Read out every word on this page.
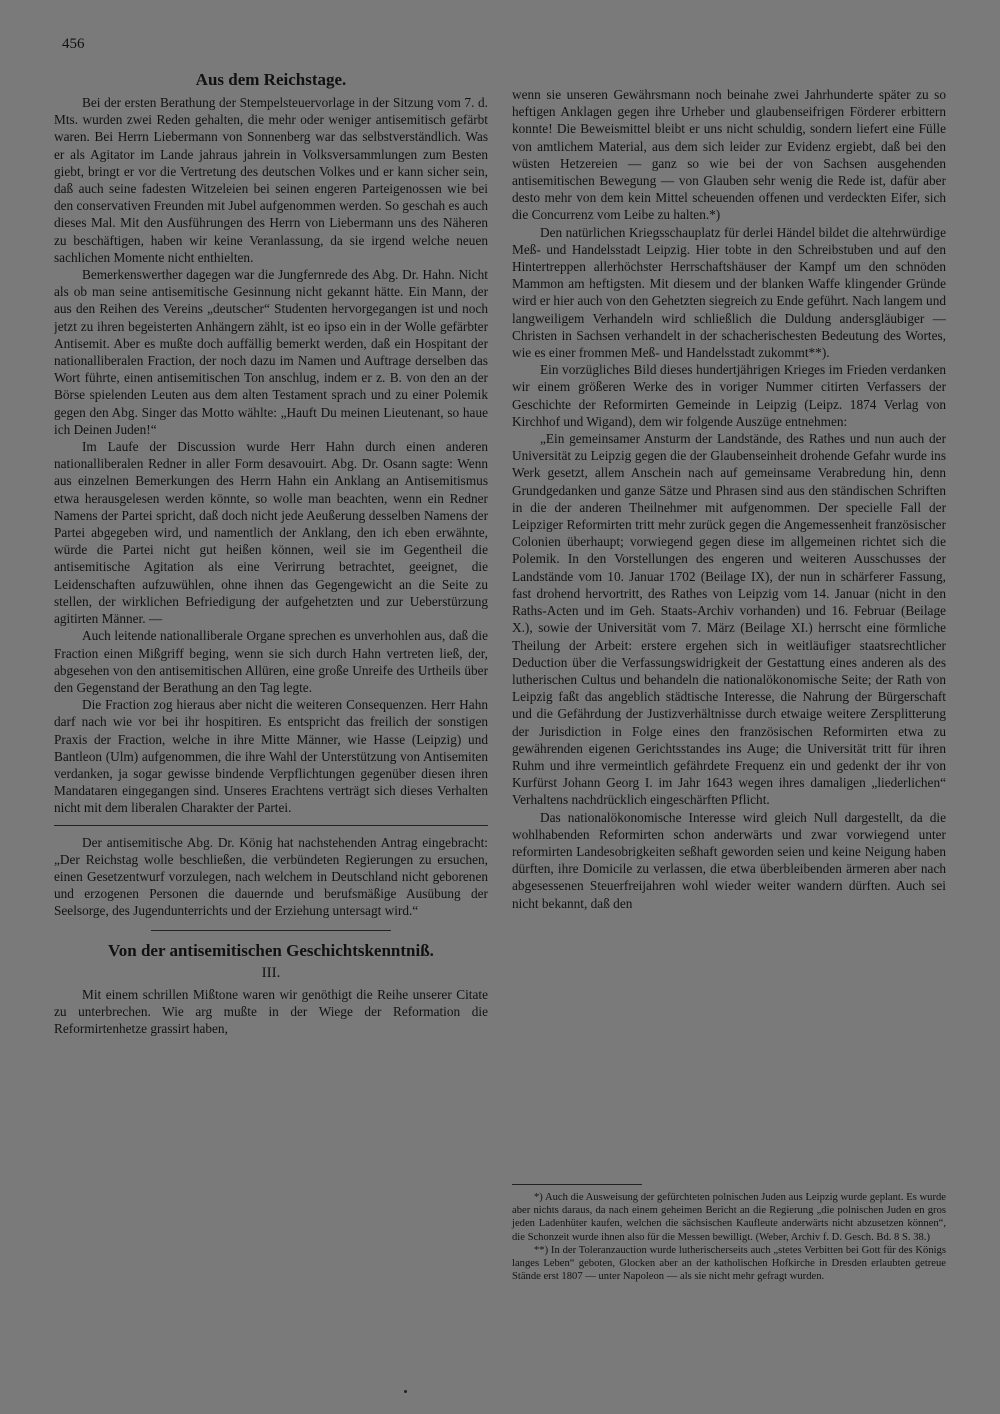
456
Aus dem Reichstage.

Bei der ersten Berathung der Stempelsteuervorlage in der Sitzung vom 7. d. Mts. wurden zwei Reden gehalten, die mehr oder weniger antisemitisch gefärbt waren. Bei Herrn Liebermann von Sonnenberg war das selbstverständlich. Was er als Agitator im Lande jahraus jahrein in Volksversammlungen zum Besten giebt, bringt er vor die Vertretung des deutschen Volkes und er kann sicher sein, daß auch seine fadesten Witzeleien bei seinen engeren Parteigenossen wie bei den conservativen Freunden mit Jubel aufgenommen werden. So geschah es auch dieses Mal. Mit den Ausführungen des Herrn von Liebermann uns des Näheren zu beschäftigen, haben wir keine Veranlassung, da sie irgend welche neuen sachlichen Momente nicht enthielten.

Bemerkenswerther dagegen war die Jungfernrede des Abg. Dr. Hahn. Nicht als ob man seine antisemitische Gesinnung nicht gekannt hätte. Ein Mann, der aus den Reihen des Vereins „deutscher“ Studenten hervorgegangen ist und noch jetzt zu ihren begeisterten Anhängern zählt, ist eo ipso ein in der Wolle gefärbter Antisemit. Aber es mußte doch auffällig bemerkt werden, daß ein Hospitant der nationalliberalen Fraction, der noch dazu im Namen und Auftrage derselben das Wort führte, einen antisemitischen Ton anschlug, indem er z. B. von den an der Börse spielenden Leuten aus dem alten Testament sprach und zu einer Polemik gegen den Abg. Singer das Motto wählte: „Hauft Du meinen Lieutenant, so haue ich Deinen Juden!“

Im Laufe der Discussion wurde Herr Hahn durch einen anderen nationalliberalen Redner in aller Form desavouirt. Abg. Dr. Osann sagte: Wenn aus einzelnen Bemerkungen des Herrn Hahn ein Anklang an Antisemitismus etwa herausgelesen werden könnte, so wolle man beachten, wenn ein Redner Namens der Partei spricht, daß doch nicht jede Aeußerung desselben Namens der Partei abgegeben wird, und namentlich der Anklang, den ich eben erwähnte, würde die Partei nicht gut heißen können, weil sie im Gegentheil die antisemitische Agitation als eine Verirrung betrachtet, geeignet, die Leidenschaften aufzuwühlen, ohne ihnen das Gegengewicht an die Seite zu stellen, der wirklichen Befriedigung der aufgehetzten und zur Ueberstürzung agitirten Männer. —

Auch leitende nationalliberale Organe sprechen es unverhohlen aus, daß die Fraction einen Mißgriff beging, wenn sie sich durch Hahn vertreten ließ, der, abgesehen von den antisemitischen Allüren, eine große Unreife des Urtheils über den Gegenstand der Berathung an den Tag legte.

Die Fraction zog hieraus aber nicht die weiteren Consequenzen. Herr Hahn darf nach wie vor bei ihr hospitiren. Es entspricht das freilich der sonstigen Praxis der Fraction, welche in ihre Mitte Männer, wie Hasse (Leipzig) und Bantleon (Ulm) aufgenommen, die ihre Wahl der Unterstützung von Antisemiten verdanken, ja sogar gewisse bindende Verpflichtungen gegenüber diesen ihren Mandataren eingegangen sind. Unseres Erachtens verträgt sich dieses Verhalten nicht mit dem liberalen Charakter der Partei.

Der antisemitische Abg. Dr. König hat nachstehenden Antrag eingebracht: „Der Reichstag wolle beschließen, die verbündeten Regierungen zu ersuchen, einen Gesetzentwurf vorzulegen, nach welchem in Deutschland nicht geborenen und erzogenen Personen die dauernde und berufsmäßige Ausübung der Seelsorge, des Jugendunterrichts und der Erziehung untersagt wird.“

Von der antisemitischen Geschichtskenntniß.
III.

Mit einem schrillen Mißtone waren wir genöthigt die Reihe unserer Citate zu unterbrechen. Wie arg mußte in der Wiege der Reformation die Reformirtenhetze grassirt haben,

wenn sie unseren Gewährsmann noch beinahe zwei Jahrhunderte später zu so heftigen Anklagen gegen ihre Urheber und glaubenseifrigen Förderer erbittern konnte! Die Beweismittel bleibt er uns nicht schuldig, sondern liefert eine Fülle von amtlichem Material, aus dem sich leider zur Evidenz ergiebt, daß bei den wüsten Hetzereien — ganz so wie bei der von Sachsen ausgehenden antisemitischen Bewegung — von Glauben sehr wenig die Rede ist, dafür aber desto mehr von dem kein Mittel scheuenden offenen und verdeckten Eifer, sich die Concurrenz vom Leibe zu halten.*)

Den natürlichen Kriegsschauplatz für derlei Händel bildet die altehrwürdige Meß- und Handelsstadt Leipzig. Hier tobte in den Schreibstuben und auf den Hintertreppen allerhöchster Herrschaftshäuser der Kampf um den schnöden Mammon am heftigsten. Mit diesem und der blanken Waffe klingender Gründe wird er hier auch von den Gehetzten siegreich zu Ende geführt. Nach langem und langweiligem Verhandeln wird schließlich die Duldung andersgläubiger — Christen in Sachsen verhandelt in der schacherischesten Bedeutung des Wortes, wie es einer frommen Meß- und Handelsstadt zukommt**).

Ein vorzügliches Bild dieses hundertjährigen Krieges im Frieden verdanken wir einem größeren Werke des in voriger Nummer citirten Verfassers der Geschichte der Reformirten Gemeinde in Leipzig (Leipz. 1874 Verlag von Kirchhof und Wigand), dem wir folgende Auszüge entnehmen:

„Ein gemeinsamer Ansturm der Landstände, des Rathes und nun auch der Universität zu Leipzig gegen die der Glaubenseinheit drohende Gefahr wurde ins Werk gesetzt, allem Anschein nach auf gemeinsame Verabredung hin, denn Grundgedanken und ganze Sätze und Phrasen sind aus den ständischen Schriften in die der anderen Theilnehmer mit aufgenommen. Der specielle Fall der Leipziger Reformirten tritt mehr zurück gegen die Angemessenheit französischer Colonien überhaupt; vorwiegend gegen diese im allgemeinen richtet sich die Polemik. In den Vorstellungen des engeren und weiteren Ausschusses der Landstände vom 10. Januar 1702 (Beilage IX), der nun in schärferer Fassung, fast drohend hervortritt, des Rathes von Leipzig vom 14. Januar (nicht in den Raths-Acten und im Geh. Staats-Archiv vorhanden) und 16. Februar (Beilage X.), sowie der Universität vom 7. März (Beilage XI.) herrscht eine förmliche Theilung der Arbeit: erstere ergehen sich in weitläufiger staatsrechtlicher Deduction über die Verfassungswidrigkeit der Gestattung eines anderen als des lutherischen Cultus und behandeln die nationalökonomische Seite; der Rath von Leipzig faßt das angeblich städtische Interesse, die Nahrung der Bürgerschaft und die Gefährdung der Justizverhältnisse durch etwaige weitere Zersplitterung der Jurisdiction in Folge eines den französischen Reformirten etwa zu gewährenden eigenen Gerichtsstandes ins Auge; die Universität tritt für ihren Ruhm und ihre vermeintlich gefährdete Frequenz ein und gedenkt der ihr von Kurfürst Johann Georg I. im Jahr 1643 wegen ihres damaligen „liederlichen“ Verhaltens nachdrücklich eingeschärften Pflicht.

Das nationalökonomische Interesse wird gleich Null dargestellt, da die wohlhabenden Reformirten schon anderwärts und zwar vorwiegend unter reformirten Landesobrigkeiten seßhaft geworden seien und keine Neigung haben dürften, ihre Domicile zu verlassen, die etwa überbleibenden ärmeren aber nach abgesessenen Steuerfreijahren wohl wieder weiter wandern dürften. Auch sei nicht bekannt, daß den

*) Auch die Ausweisung der gefürchteten polnischen Juden aus Leipzig wurde geplant. Es wurde aber nichts daraus, da nach einem geheimen Bericht an die Regierung „die polnischen Juden en gros jeden Ladenhüter kaufen, welchen die sächsischen Kaufleute anderwärts nicht abzusetzen können“, die Schonzeit wurde ihnen also für die Messen bewilligt. (Weber, Archiv f. D. Gesch. Bd. 8 S. 38.)

**) In der Toleranzauction wurde lutherischerseits auch „stetes Verbitten bei Gott für des Königs langes Leben“ geboten, Glocken aber an der katholischen Hofkirche in Dresden erlaubten getreue Stände erst 1807 — unter Napoleon — als sie nicht mehr gefragt wurden.
